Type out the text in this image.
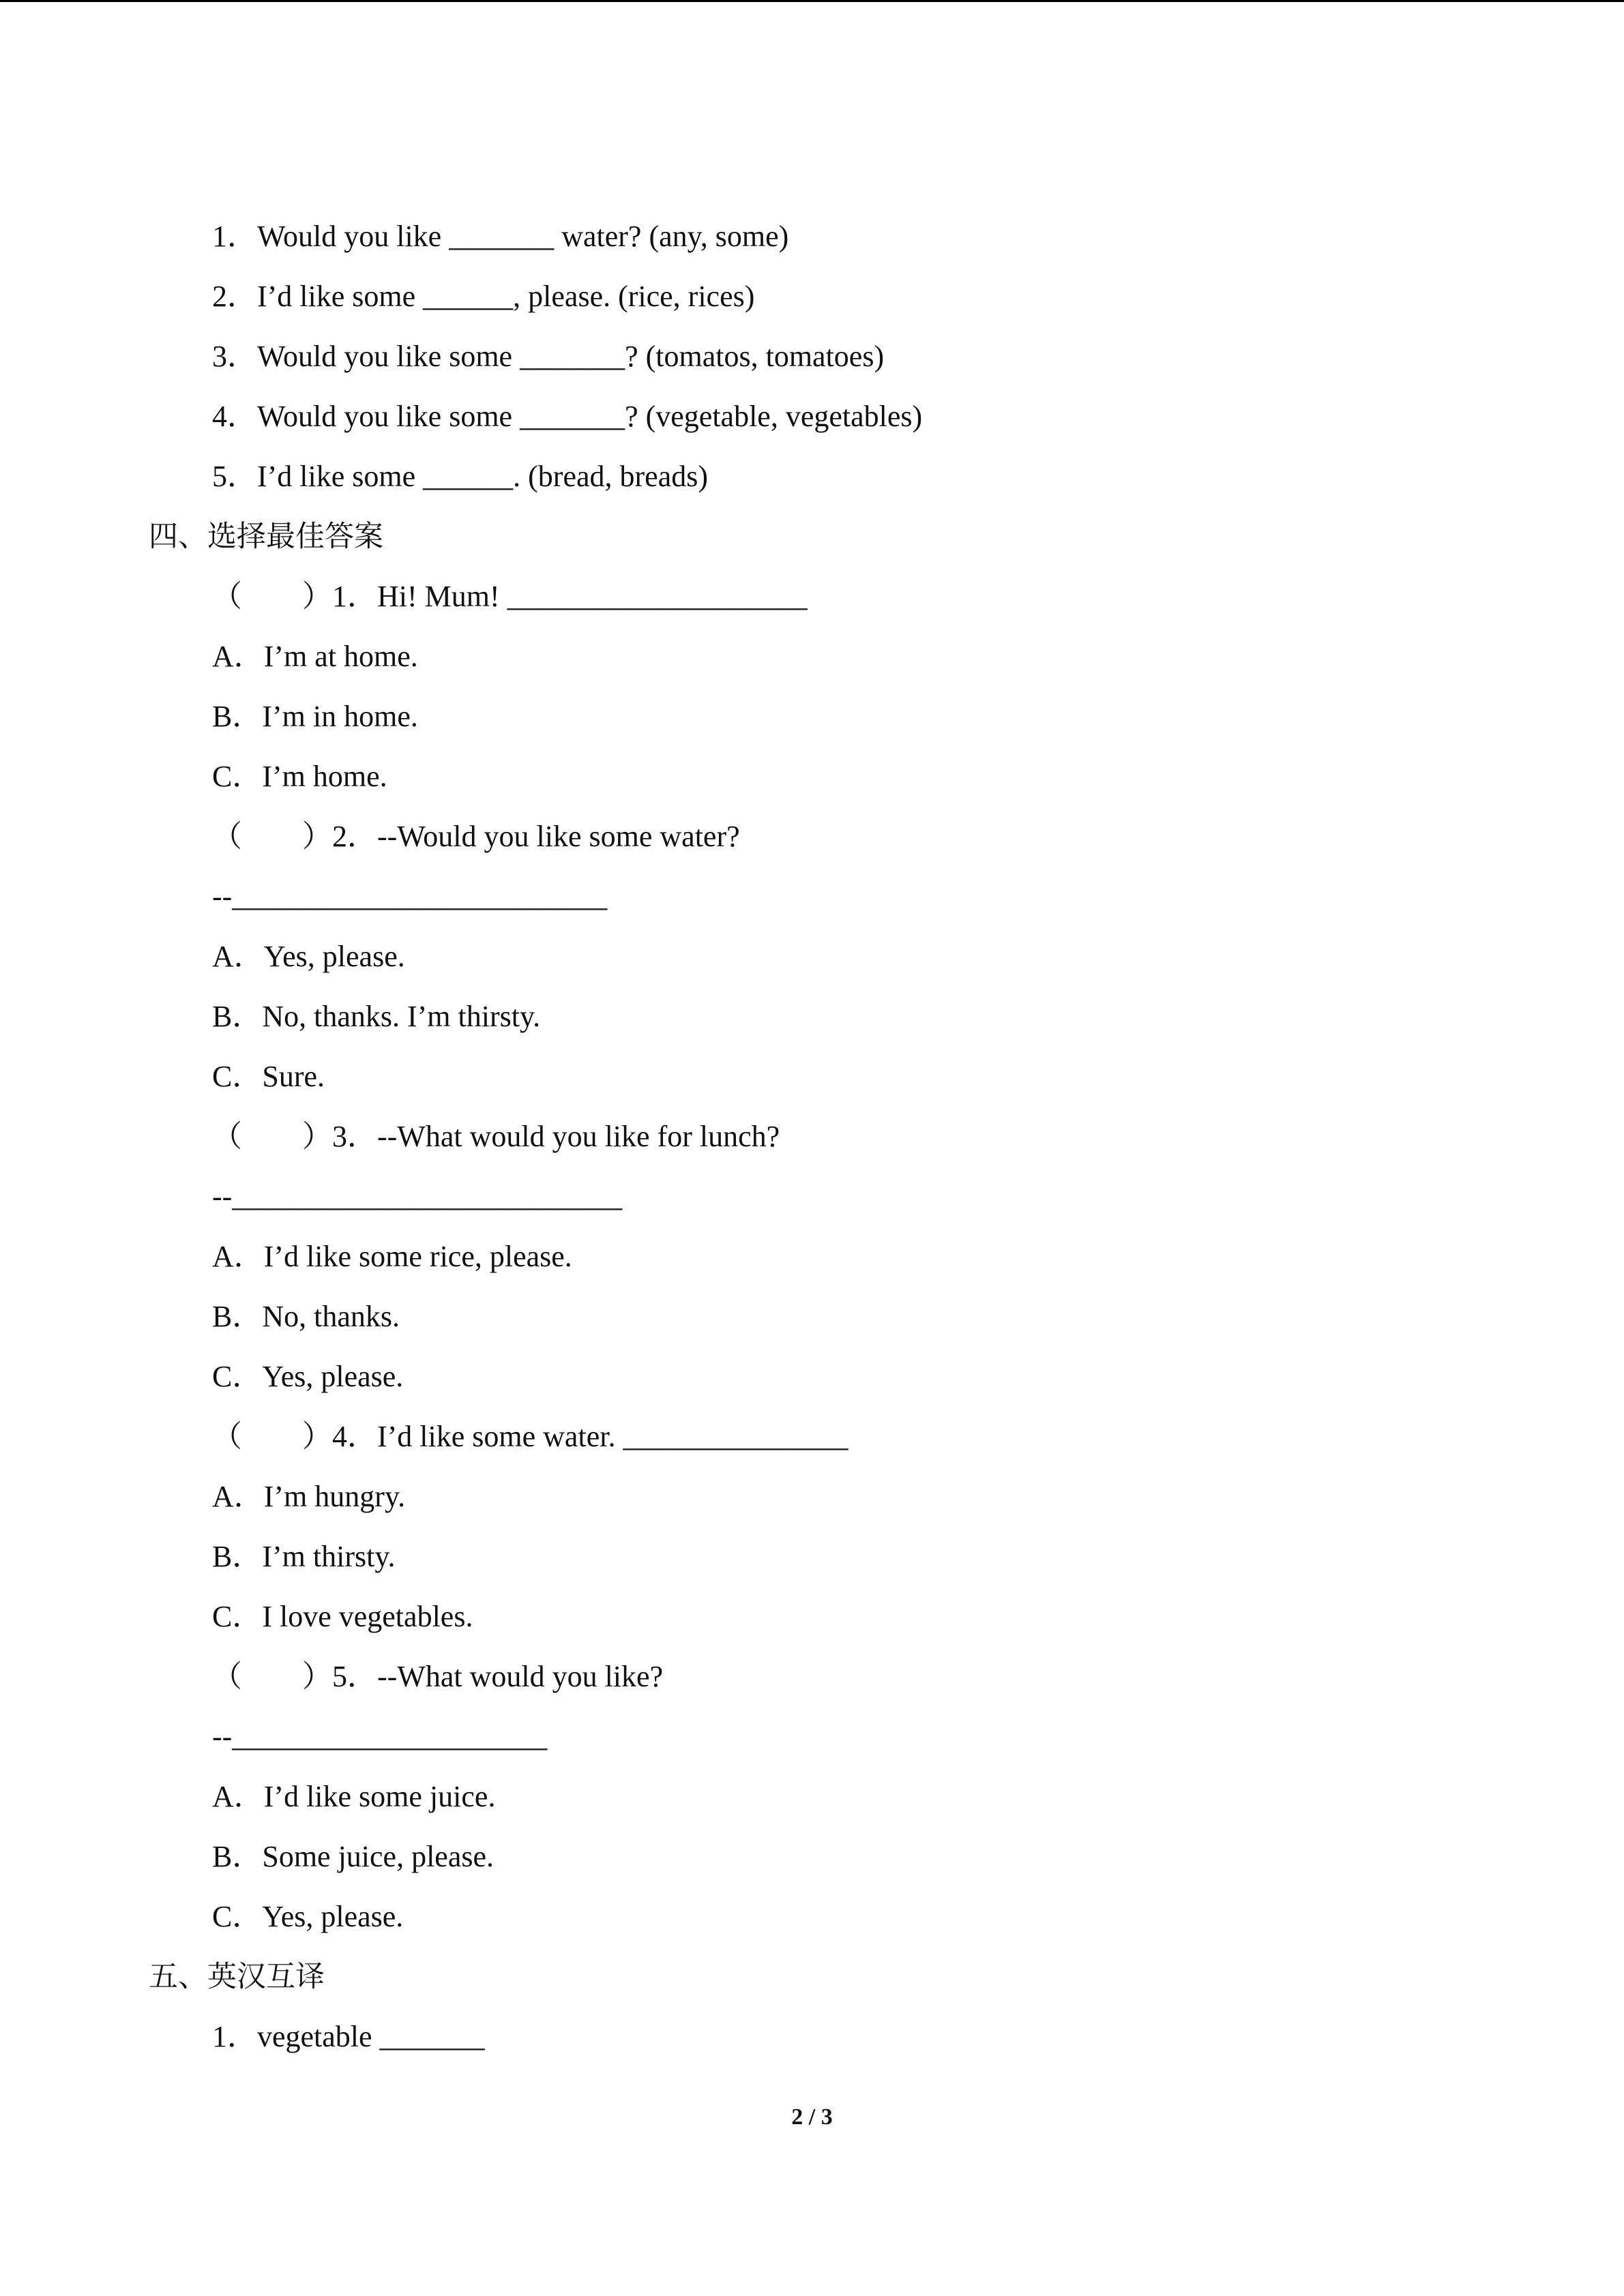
1．Would you like _______ water? (any, some)
2．I’d like some ______, please. (rice, rices)
3．Would you like some _______? (tomatos, tomatoes)
4．Would you like some _______? (vegetable, vegetables)
5．I’d like some ______. (bread, breads)
四、选择最佳答案
（　　）1．Hi! Mum! ____________________
A．I’m at home.
B．I’m in home.
C．I’m home.
（　　）2．--Would you like some water?
--_________________________
A．Yes, please.
B．No, thanks. I’m thirsty.
C．Sure.
（　　）3．--What would you like for lunch?
--__________________________
A．I’d like some rice, please.
B．No, thanks.
C．Yes, please.
（　　）4．I’d like some water. _______________
A．I’m hungry.
B．I’m thirsty.
C．I love vegetables.
（　　）5．--What would you like?
--_____________________
A．I’d like some juice.
B．Some juice, please.
C．Yes, please.
五、英汉互译
1．vegetable _______
2 / 3
